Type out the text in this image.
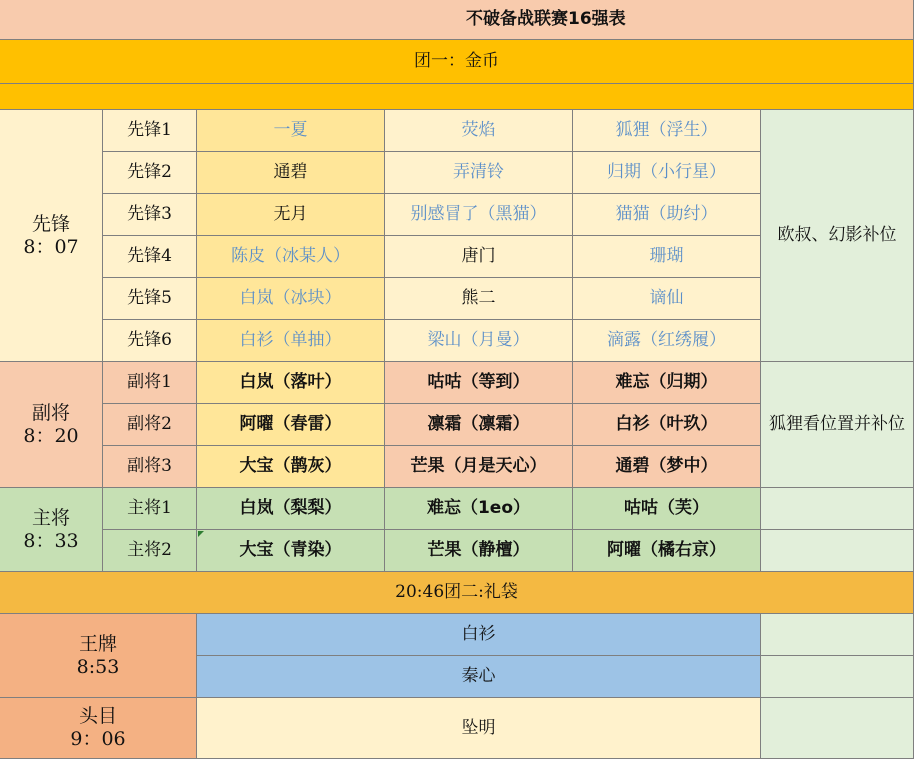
不破备战联赛16强表
团一：金币
先锋
8：07
先锋1	一夏	荧焰	狐狸（浮生）
先锋2	通碧	弄清铃	归期（小行星）
先锋3	无月	别感冒了（黑猫）	猫猫（助纣）
先锋4	陈皮（冰某人）	唐门	珊瑚
先锋5	白岚（冰块）	熊二	谪仙
先锋6	白衫（单抽）	梁山（月曼）	滴露（红绣履）
欧叔、幻影补位
副将
8：20
副将1	白岚（落叶）	咕咕（等到）	难忘（归期）
副将2	阿曜（春雷）	凛霜（凛霜）	白衫（叶玖）
副将3	大宝（鹊灰）	芒果（月是天心）	通碧（梦中）
狐狸看位置并补位
主将
8：33
主将1	白岚（梨梨）	难忘（1eo）	咕咕（芙）
主将2	大宝（青染）	芒果（静檀）	阿曜（橘右京）
20:46团二:礼袋
王牌
8:53
白衫
秦心
头目
9：06
坠明
